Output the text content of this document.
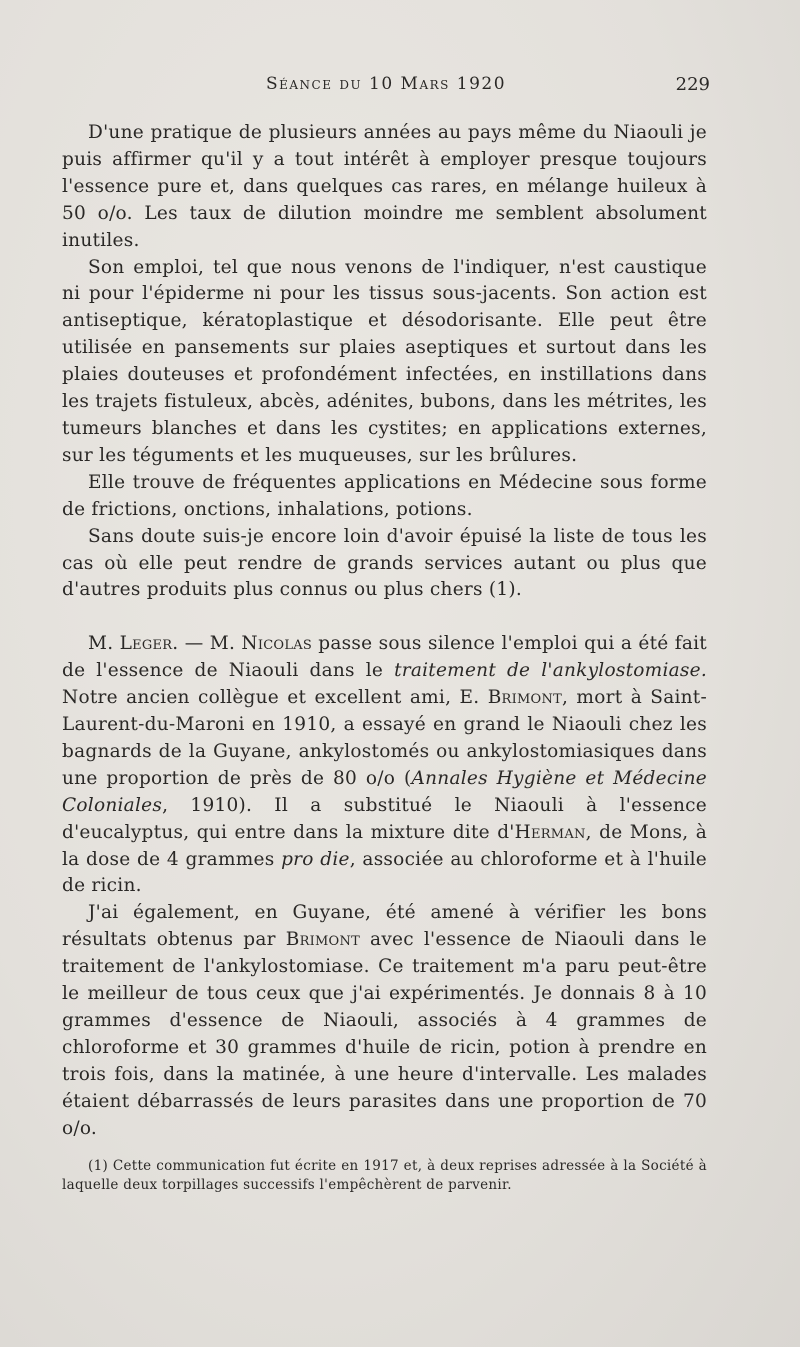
Séance du 10 Mars 1920	229

D'une pratique de plusieurs années au pays même du Niaouli je puis affirmer qu'il y a tout intérêt à employer presque toujours l'essence pure et, dans quelques cas rares, en mélange huileux à 50 o/o. Les taux de dilution moindre me semblent absolument inutiles.

Son emploi, tel que nous venons de l'indiquer, n'est caustique ni pour l'épiderme ni pour les tissus sous-jacents. Son action est antiseptique, kératoplastique et désodorisante. Elle peut être utilisée en pansements sur plaies aseptiques et surtout dans les plaies douteuses et profondément infectées, en instillations dans les trajets fistuleux, abcès, adénites, bubons, dans les métrites, les tumeurs blanches et dans les cystites; en applications externes, sur les téguments et les muqueuses, sur les brûlures.

Elle trouve de fréquentes applications en Médecine sous forme de frictions, onctions, inhalations, potions.

Sans doute suis-je encore loin d'avoir épuisé la liste de tous les cas où elle peut rendre de grands services autant ou plus que d'autres produits plus connus ou plus chers (1).

M. Leger. — M. Nicolas passe sous silence l'emploi qui a été fait de l'essence de Niaouli dans le traitement de l'ankylostomiase. Notre ancien collègue et excellent ami, E. Brimont, mort à Saint-Laurent-du-Maroni en 1910, a essayé en grand le Niaouli chez les bagnards de la Guyane, ankylostomés ou ankylostomiasiques dans une proportion de près de 80 o/o (Annales Hygiène et Médecine Coloniales, 1910). Il a substitué le Niaouli à l'essence d'eucalyptus, qui entre dans la mixture dite d'Herman, de Mons, à la dose de 4 grammes pro die, associée au chloroforme et à l'huile de ricin.

J'ai également, en Guyane, été amené à vérifier les bons résultats obtenus par Brimont avec l'essence de Niaouli dans le traitement de l'ankylostomiase. Ce traitement m'a paru peut-être le meilleur de tous ceux que j'ai expérimentés. Je donnais 8 à 10 grammes d'essence de Niaouli, associés à 4 grammes de chloroforme et 30 grammes d'huile de ricin, potion à prendre en trois fois, dans la matinée, à une heure d'intervalle. Les malades étaient débarrassés de leurs parasites dans une proportion de 70 o/o.

(1) Cette communication fut écrite en 1917 et, à deux reprises adressée à la Société à laquelle deux torpillages successifs l'empêchèrent de parvenir.
